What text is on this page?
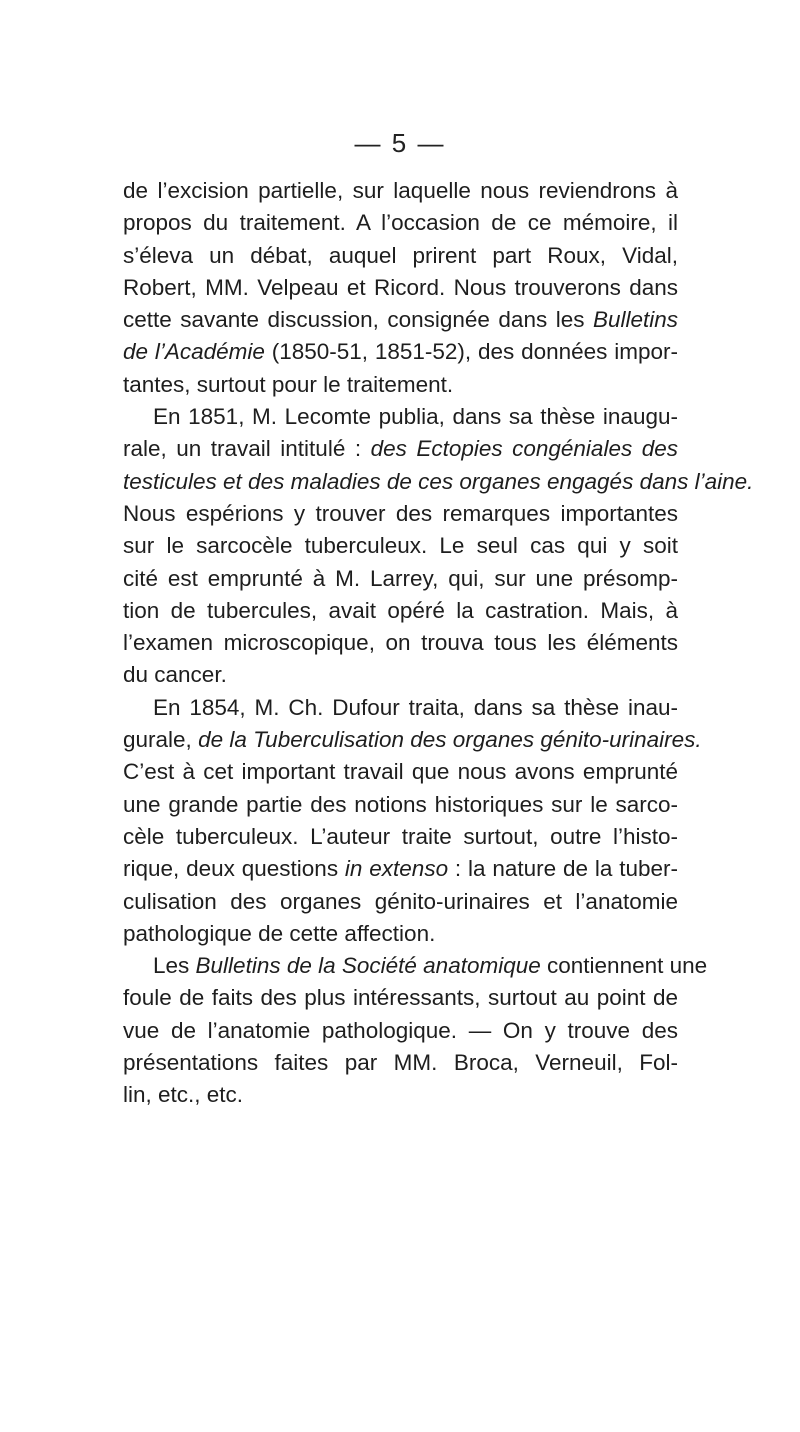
— 5 —
de l’excision partielle, sur laquelle nous reviendrons à
propos du traitement. A l’occasion de ce mémoire, il
s’éleva un débat, auquel prirent part Roux, Vidal,
Robert, MM. Velpeau et Ricord. Nous trouverons dans
cette savante discussion, consignée dans les Bulletins
de l’Académie (1850-51, 1851-52), des données impor-
tantes, surtout pour le traitement.
En 1851, M. Lecomte publia, dans sa thèse inaugu-
rale, un travail intitulé : des Ectopies congéniales des
testicules et des maladies de ces organes engagés dans l’aine.
Nous espérions y trouver des remarques importantes
sur le sarcocèle tuberculeux. Le seul cas qui y soit
cité est emprunté à M. Larrey, qui, sur une présomp-
tion de tubercules, avait opéré la castration. Mais, à
l’examen microscopique, on trouva tous les éléments
du cancer.
En 1854, M. Ch. Dufour traita, dans sa thèse inau-
gurale, de la Tuberculisation des organes génito-urinaires.
C’est à cet important travail que nous avons emprunté
une grande partie des notions historiques sur le sarco-
cèle tuberculeux. L’auteur traite surtout, outre l’histo-
rique, deux questions in extenso : la nature de la tuber-
culisation des organes génito-urinaires et l’anatomie
pathologique de cette affection.
Les Bulletins de la Société anatomique contiennent une
foule de faits des plus intéressants, surtout au point de
vue de l’anatomie pathologique. — On y trouve des
présentations faites par MM. Broca, Verneuil, Fol-
lin, etc., etc.
